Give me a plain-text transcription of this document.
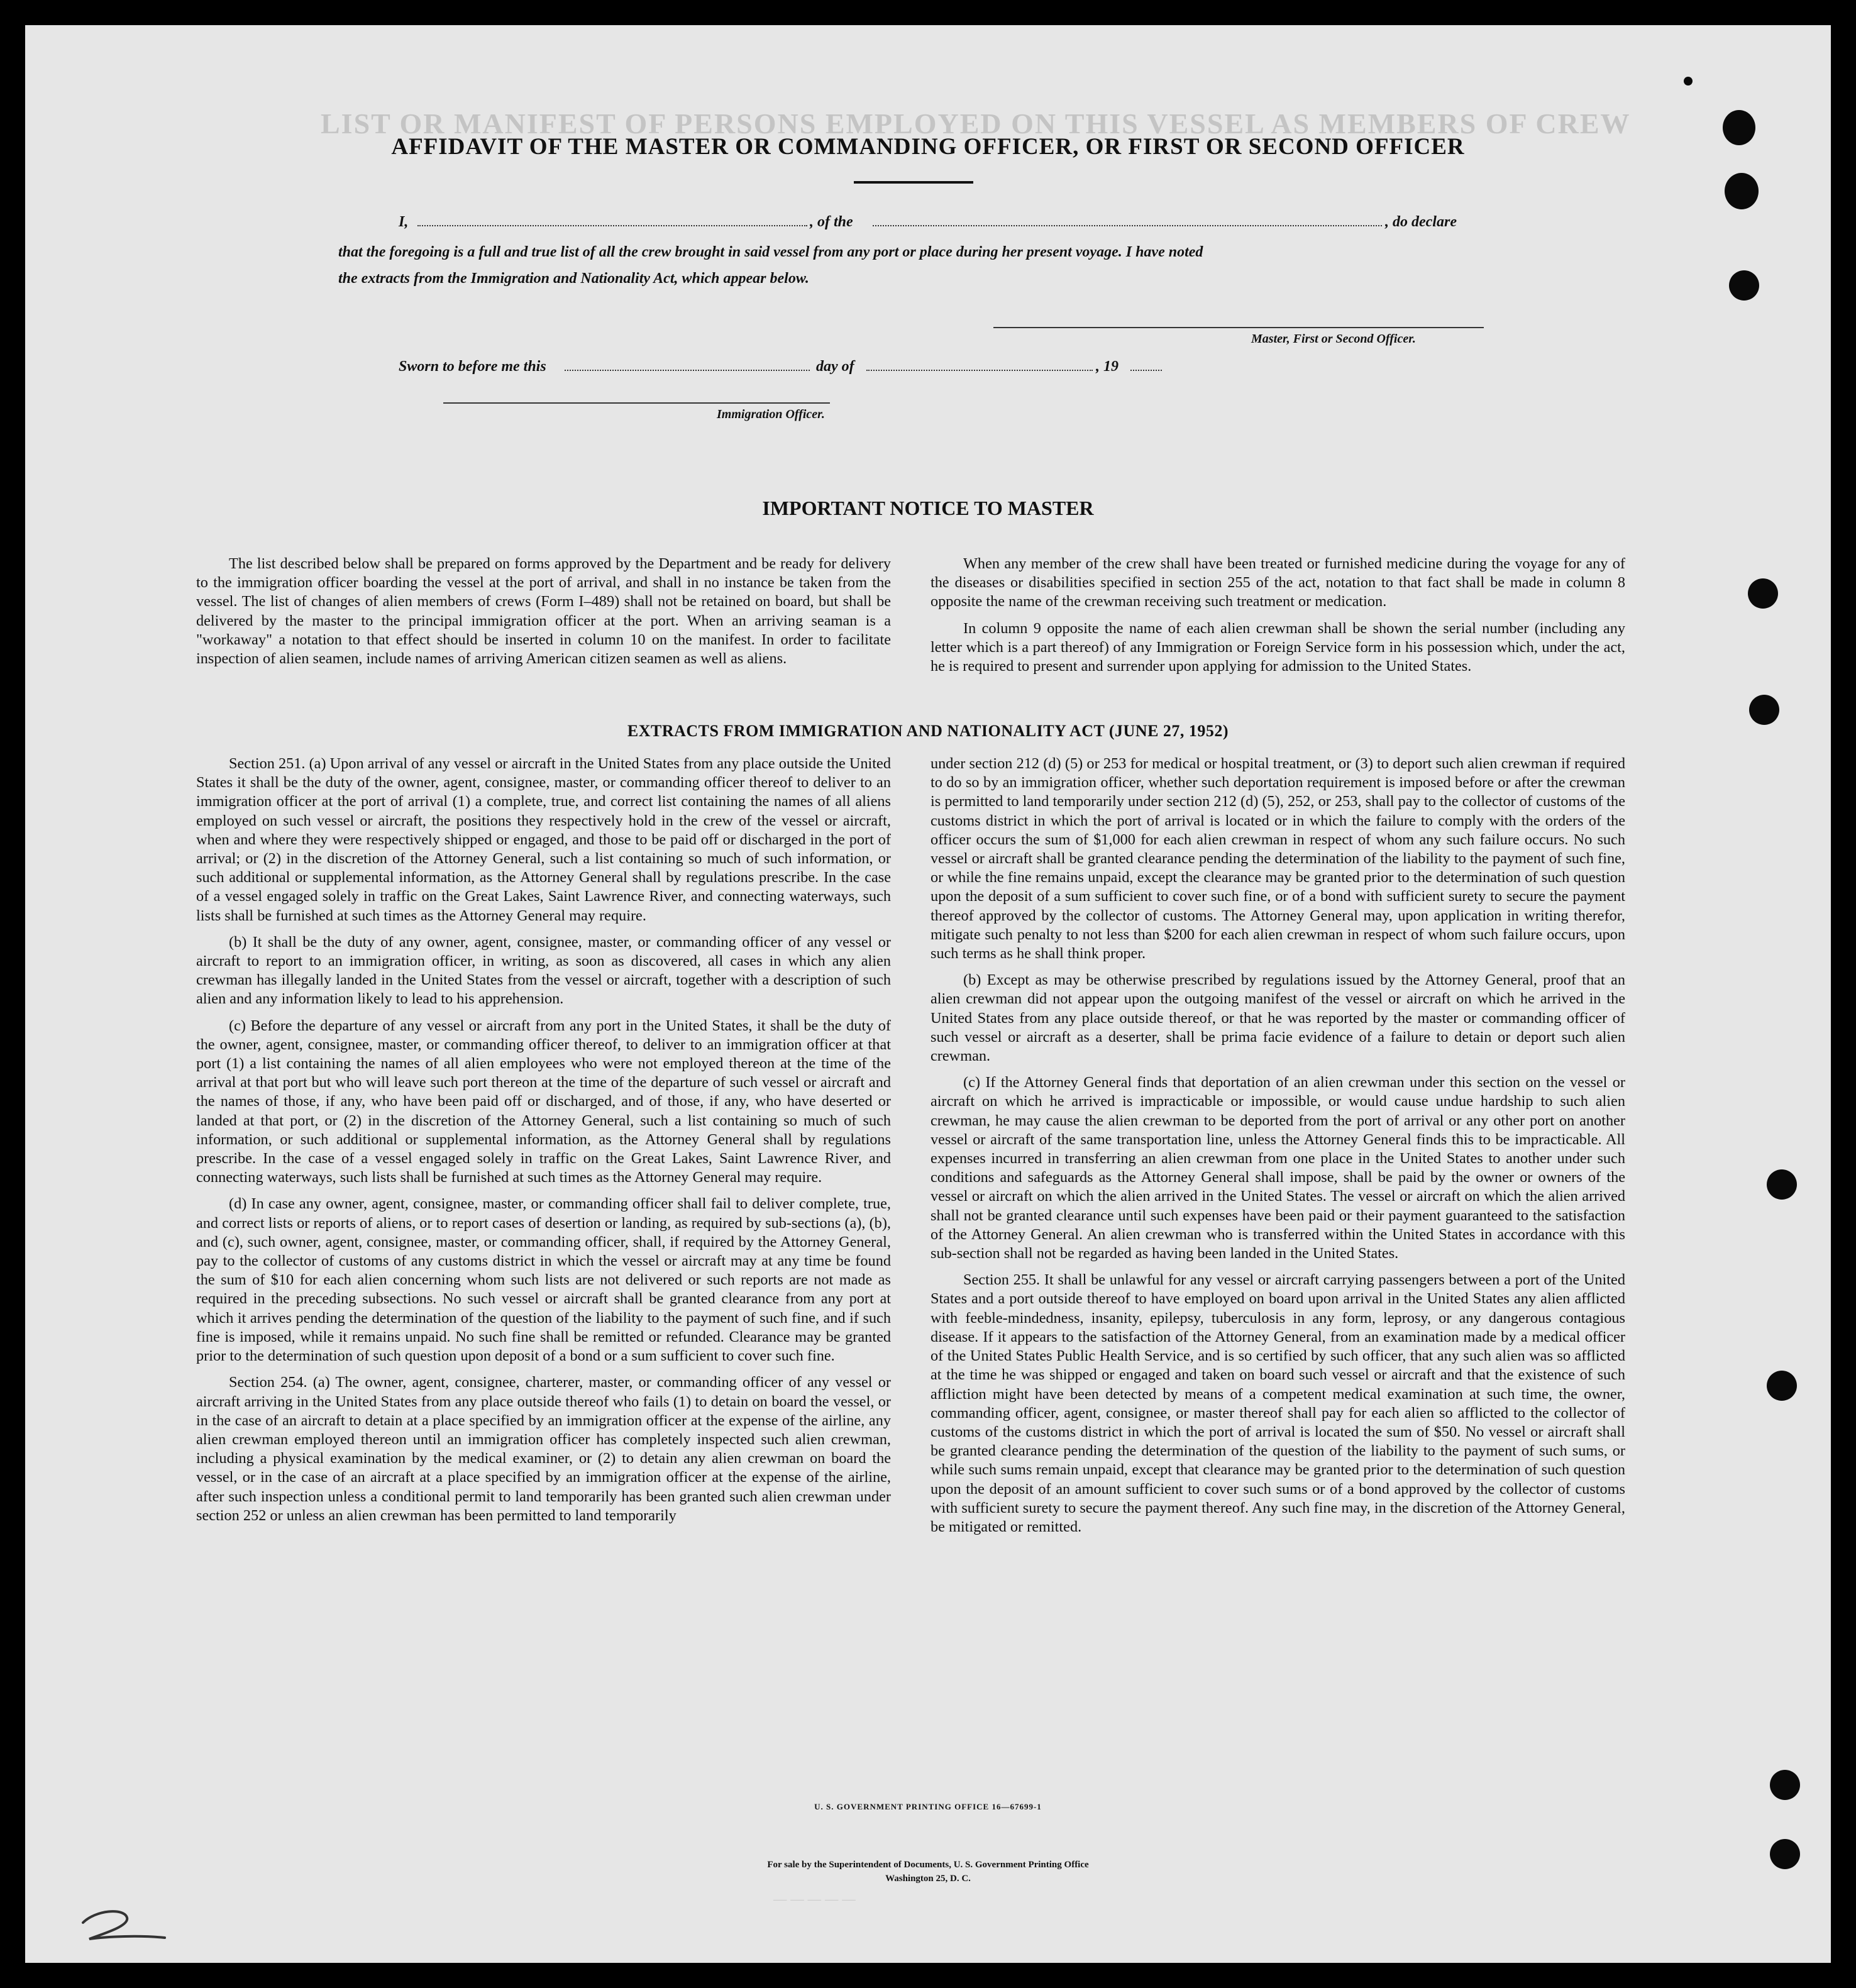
LIST OR MANIFEST OF PERSONS EMPLOYED ON THIS VESSEL AS MEMBERS OF CREW
AFFIDAVIT OF THE MASTER OR COMMANDING OFFICER, OR FIRST OR SECOND OFFICER
I,	, of the	, do declare
that the foregoing is a full and true list of all the crew brought in said vessel from any port or place during her present voyage. I have noted
the extracts from the Immigration and Nationality Act, which appear below.
Master, First or Second Officer.
Sworn to before me this	day of	, 19
Immigration Officer.
IMPORTANT NOTICE TO MASTER

The list described below shall be prepared on forms approved by the Department and be ready for delivery to the immigration officer boarding the vessel at the port of arrival, and shall in no instance be taken from the vessel. The list of changes of alien members of crews (Form I–489) shall not be retained on board, but shall be delivered by the master to the principal immigration officer at the port. When an arriving seaman is a "workaway" a notation to that effect should be inserted in column 10 on the manifest. In order to facilitate inspection of alien seamen, include names of arriving American citizen seamen as well as aliens.

When any member of the crew shall have been treated or furnished medicine during the voyage for any of the diseases or disabilities specified in section 255 of the act, notation to that fact shall be made in column 8 opposite the name of the crewman receiving such treatment or medication.

In column 9 opposite the name of each alien crewman shall be shown the serial number (including any letter which is a part thereof) of any Immigration or Foreign Service form in his possession which, under the act, he is required to present and surrender upon applying for admission to the United States.

EXTRACTS FROM IMMIGRATION AND NATIONALITY ACT (JUNE 27, 1952)

Section 251. (a) Upon arrival of any vessel or aircraft in the United States from any place outside the United States it shall be the duty of the owner, agent, consignee, master, or commanding officer thereof to deliver to an immigration officer at the port of arrival (1) a complete, true, and correct list containing the names of all aliens employed on such vessel or aircraft, the positions they respectively hold in the crew of the vessel or aircraft, when and where they were respectively shipped or engaged, and those to be paid off or discharged in the port of arrival; or (2) in the discretion of the Attorney General, such a list containing so much of such information, or such additional or supplemental information, as the Attorney General shall by regulations prescribe. In the case of a vessel engaged solely in traffic on the Great Lakes, Saint Lawrence River, and connecting waterways, such lists shall be furnished at such times as the Attorney General may require.

(b) It shall be the duty of any owner, agent, consignee, master, or commanding officer of any vessel or aircraft to report to an immigration officer, in writing, as soon as discovered, all cases in which any alien crewman has illegally landed in the United States from the vessel or aircraft, together with a description of such alien and any information likely to lead to his apprehension.

(c) Before the departure of any vessel or aircraft from any port in the United States, it shall be the duty of the owner, agent, consignee, master, or commanding officer thereof, to deliver to an immigration officer at that port (1) a list containing the names of all alien employees who were not employed thereon at the time of the arrival at that port but who will leave such port thereon at the time of the departure of such vessel or aircraft and the names of those, if any, who have been paid off or discharged, and of those, if any, who have deserted or landed at that port, or (2) in the discretion of the Attorney General, such a list containing so much of such information, or such additional or supplemental information, as the Attorney General shall by regulations prescribe. In the case of a vessel engaged solely in traffic on the Great Lakes, Saint Lawrence River, and connecting waterways, such lists shall be furnished at such times as the Attorney General may require.

(d) In case any owner, agent, consignee, master, or commanding officer shall fail to deliver complete, true, and correct lists or reports of aliens, or to report cases of desertion or landing, as required by sub-sections (a), (b), and (c), such owner, agent, consignee, master, or commanding officer, shall, if required by the Attorney General, pay to the collector of customs of any customs district in which the vessel or aircraft may at any time be found the sum of $10 for each alien concerning whom such lists are not delivered or such reports are not made as required in the preceding subsections. No such vessel or aircraft shall be granted clearance from any port at which it arrives pending the determination of the question of the liability to the payment of such fine, and if such fine is imposed, while it remains unpaid. No such fine shall be remitted or refunded. Clearance may be granted prior to the determination of such question upon deposit of a bond or a sum sufficient to cover such fine.

Section 254. (a) The owner, agent, consignee, charterer, master, or commanding officer of any vessel or aircraft arriving in the United States from any place outside thereof who fails (1) to detain on board the vessel, or in the case of an aircraft to detain at a place specified by an immigration officer at the expense of the airline, any alien crewman employed thereon until an immigration officer has completely inspected such alien crewman, including a physical examination by the medical examiner, or (2) to detain any alien crewman on board the vessel, or in the case of an aircraft at a place specified by an immigration officer at the expense of the airline, after such inspection unless a conditional permit to land temporarily has been granted such alien crewman under section 252 or unless an alien crewman has been permitted to land temporarily

under section 212 (d) (5) or 253 for medical or hospital treatment, or (3) to deport such alien crewman if required to do so by an immigration officer, whether such deportation requirement is imposed before or after the crewman is permitted to land temporarily under section 212 (d) (5), 252, or 253, shall pay to the collector of customs of the customs district in which the port of arrival is located or in which the failure to comply with the orders of the officer occurs the sum of $1,000 for each alien crewman in respect of whom any such failure occurs. No such vessel or aircraft shall be granted clearance pending the determination of the liability to the payment of such fine, or while the fine remains unpaid, except the clearance may be granted prior to the determination of such question upon the deposit of a sum sufficient to cover such fine, or of a bond with sufficient surety to secure the payment thereof approved by the collector of customs. The Attorney General may, upon application in writing therefor, mitigate such penalty to not less than $200 for each alien crewman in respect of whom such failure occurs, upon such terms as he shall think proper.

(b) Except as may be otherwise prescribed by regulations issued by the Attorney General, proof that an alien crewman did not appear upon the outgoing manifest of the vessel or aircraft on which he arrived in the United States from any place outside thereof, or that he was reported by the master or commanding officer of such vessel or aircraft as a deserter, shall be prima facie evidence of a failure to detain or deport such alien crewman.

(c) If the Attorney General finds that deportation of an alien crewman under this section on the vessel or aircraft on which he arrived is impracticable or impossible, or would cause undue hardship to such alien crewman, he may cause the alien crewman to be deported from the port of arrival or any other port on another vessel or aircraft of the same transportation line, unless the Attorney General finds this to be impracticable. All expenses incurred in transferring an alien crewman from one place in the United States to another under such conditions and safeguards as the Attorney General shall impose, shall be paid by the owner or owners of the vessel or aircraft on which the alien arrived in the United States. The vessel or aircraft on which the alien arrived shall not be granted clearance until such expenses have been paid or their payment guaranteed to the satisfaction of the Attorney General. An alien crewman who is transferred within the United States in accordance with this sub-section shall not be regarded as having been landed in the United States.

Section 255. It shall be unlawful for any vessel or aircraft carrying passengers between a port of the United States and a port outside thereof to have employed on board upon arrival in the United States any alien afflicted with feeble-mindedness, insanity, epilepsy, tuberculosis in any form, leprosy, or any dangerous contagious disease. If it appears to the satisfaction of the Attorney General, from an examination made by a medical officer of the United States Public Health Service, and is so certified by such officer, that any such alien was so afflicted at the time he was shipped or engaged and taken on board such vessel or aircraft and that the existence of such affliction might have been detected by means of a competent medical examination at such time, the owner, commanding officer, agent, consignee, or master thereof shall pay for each alien so afflicted to the collector of customs of the customs district in which the port of arrival is located the sum of $50. No vessel or aircraft shall be granted clearance pending the determination of the question of the liability to the payment of such sums, or while such sums remain unpaid, except that clearance may be granted prior to the determination of such question upon the deposit of an amount sufficient to cover such sums or of a bond approved by the collector of customs with sufficient surety to secure the payment thereof. Any such fine may, in the discretion of the Attorney General, be mitigated or remitted.

U. S. GOVERNMENT PRINTING OFFICE 16—67699-1
For sale by the Superintendent of Documents, U. S. Government Printing Office
Washington 25, D. C.
— — — — —
